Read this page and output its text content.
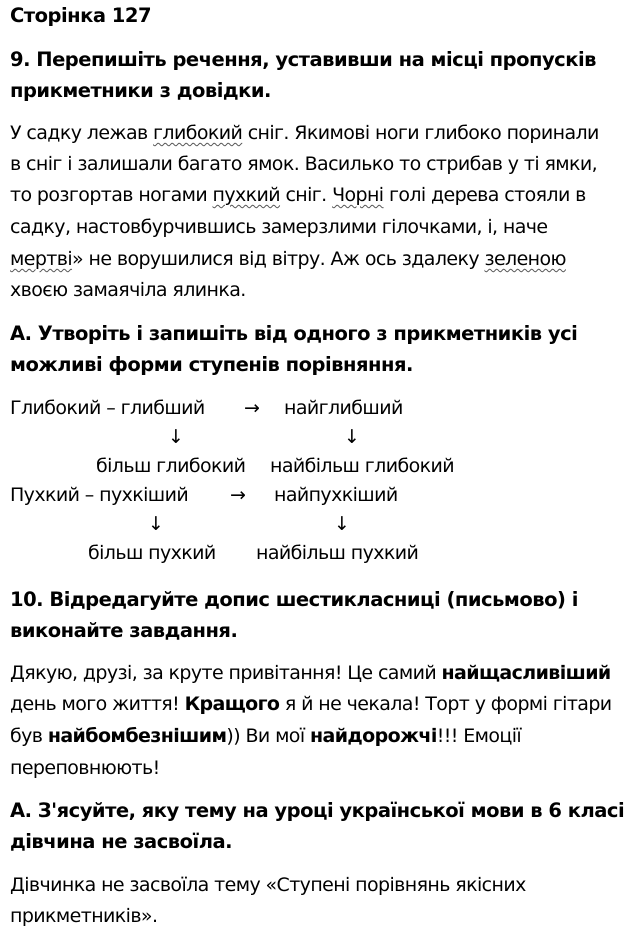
Сторінка 127
9. Перепишіть речення, уставивши на місці пропусків
прикметники з довідки.
У садку лежав глибокий сніг. Якимові ноги глибоко поринали
в сніг і залишали багато ямок. Василько то стрибав у ті ямки,
то розгортав ногами пухкий сніг. Чорні голі дерева стояли в
садку, настовбурчившись замерзлими гілочками, і, наче
мертві» не ворушилися від вітру. Аж ось здалеку зеленою
хвоєю замаячіла ялинка.
А. Утворіть і запишіть від одного з прикметників усі
можливі форми ступенів порівняння.
Глибокий – глибший → найглибший
↓	↓
більш глибокий найбільш глибокий
Пухкий – пухкіший → найпухкіший
↓	↓
більш пухкий найбільш пухкий
10. Відредагуйте допис шестикласниці (письмово) і
виконайте завдання.
Дякую, друзі, за круте привітання! Це самий найщасливіший
день мого життя! Кращого я й не чекала! Торт у формі гітари
був найбомбезнішим)) Ви мої найдорожчі!!! Емоції
переповнюють!
А. З'ясуйте, яку тему на уроці української мови в 6 класі
дівчина не засвоїла.
Дівчинка не засвоїла тему «Ступені порівнянь якісних
прикметників».
